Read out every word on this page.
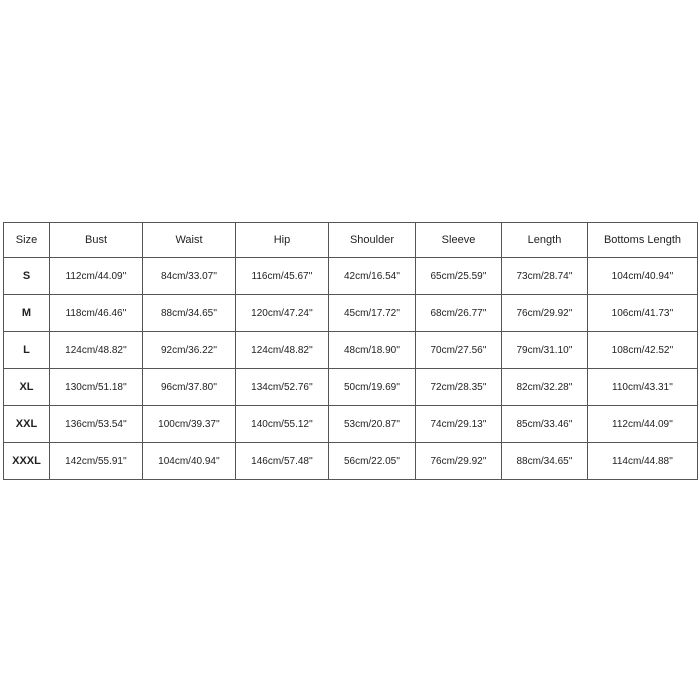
Size	Bust	Waist	Hip	Shoulder	Sleeve	Length	Bottoms Length
S	112cm/44.09''	84cm/33.07''	116cm/45.67''	42cm/16.54''	65cm/25.59''	73cm/28.74''	104cm/40.94''
M	118cm/46.46''	88cm/34.65''	120cm/47.24''	45cm/17.72''	68cm/26.77''	76cm/29.92''	106cm/41.73''
L	124cm/48.82''	92cm/36.22''	124cm/48.82''	48cm/18.90''	70cm/27.56''	79cm/31.10''	108cm/42.52''
XL	130cm/51.18''	96cm/37.80''	134cm/52.76''	50cm/19.69''	72cm/28.35''	82cm/32.28''	110cm/43.31''
XXL	136cm/53.54''	100cm/39.37''	140cm/55.12''	53cm/20.87''	74cm/29.13''	85cm/33.46''	112cm/44.09''
XXXL	142cm/55.91''	104cm/40.94''	146cm/57.48''	56cm/22.05''	76cm/29.92''	88cm/34.65''	114cm/44.88''
